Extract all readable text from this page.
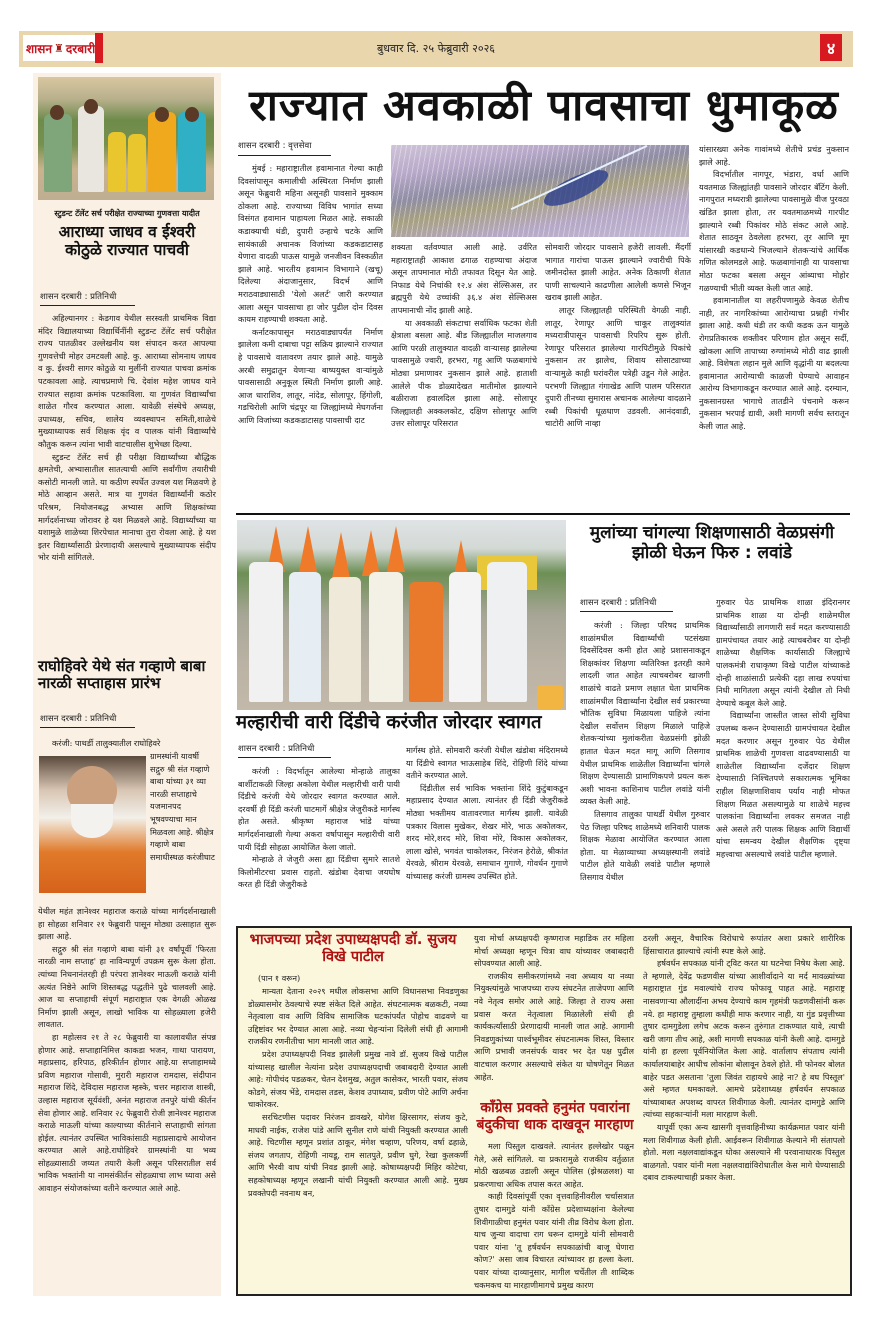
शासन ♜ दरबारी	बुधवार दि. २५ फेब्रुवारी २०२६	४
स्टुडन्ट टॅलेंट सर्च परीक्षेत राज्याच्या गुणवत्ता यादीत
आराध्या जाधव व ईश्वरी कोठुळे राज्यात पाचवी
शासन दरबारी : प्रतिनिधी

अहिल्यानगर : केडगाव येथील सरस्वती प्राथमिक विद्या मंदिर विद्यालयाच्या विद्यार्थिनींनी स्टुडन्ट टॅलेंट सर्च परीक्षेत राज्य पातळीवर उल्लेखनीय यश संपादन करत आपल्या गुणवत्तेची मोहर उमटवली आहे. कु. आराध्या सोमनाथ जाधव व कु. ईश्वरी सागर कोठुळे या मुलींनी राज्यात पाचवा क्रमांक पटकावला आहे. त्याचप्रमाणे चि. देवांश महेश जाधव याने राज्यात सहावा क्रमांक पटकाविला. या गुणवंत विद्यार्थ्यांचा शाळेत गौरव करण्यात आला. यावेळी संस्थेचे अध्यक्ष, उपाध्यक्ष, सचिव, शालेय व्यवस्थापन समिती,शाळेचे मुख्याध्यापक सर्व शिक्षक वृंद व पालक यांनी विद्यार्थ्यांचे कौतुक करून त्यांना भावी वाटचालीस शुभेच्छा दिल्या.

स्टुडन्ट टॅलेंट सर्च ही परीक्षा विद्यार्थ्यांच्या बौद्धिक क्षमतेची, अभ्यासातील सातत्याची आणि सर्वांगीण तयारीची कसोटी मानली जाते. या कठीण स्पर्धेत उज्वल यश मिळवणे हे मोठे आव्हान असते. मात्र या गुणवंत विद्यार्थ्यांनी कठोर परिश्रम, नियोजनबद्ध अभ्यास आणि शिक्षकांच्या मार्गदर्शनाच्या जोरावर हे यश मिळवले आहे. विद्यार्थ्यांच्या या यशामुळे शाळेच्या शिरपेचात मानाचा तुरा रोवला आहे. हे यश इतर विद्यार्थ्यांसाठी प्रेरणादायी असल्याचे मुख्याध्यापक संदीप भोर यांनी सांगितले.

राघोहिवरे येथे संत गव्हाणे बाबा नारळी सप्ताहास प्रारंभ
शासन दरबारी : प्रतिनिधी

करंजी: पाथर्डी तालुक्यातील राघोहिवरे

ग्रामस्थांनी यावर्षी सद्गुरु श्री संत गव्हाणे बाबा यांच्या ३१ व्या नारळी सप्ताहाचे यजमानपद भूषवण्याचा मान मिळवला आहे. श्रीक्षेत्र गव्हाणे बाबा समाधीस्थळ करंजीघाट

येथील महंत ज्ञानेश्वर महाराज कराळे यांच्या मार्गदर्शनाखाली हा सोहळा शनिवार २१ फेब्रुवारी पासून मोठ्या उत्साहात सुरू झाला आहे.

सद्गुरु श्री संत गव्हाणे बाबा यांनी ३१ वर्षांपूर्वी 'फिरता नारळी नाम सप्ताह' हा नाविन्यपूर्ण उपक्रम सुरू केला होता. त्यांच्या निधनानंतरही ही परंपरा ज्ञानेश्वर माऊली कराळे यांनी अत्यंत निष्ठेने आणि शिस्तबद्ध पद्धतीने पुढे चालवली आहे. आज या सप्ताहाची संपूर्ण महाराष्ट्रात एक वेगळी ओळख निर्माण झाली असून, लाखो भाविक या सोहळ्याला हजेरी लावतात.

हा महोत्सव २१ ते २८ फेब्रुवारी या कालावधीत संपन्न होणार आहे. सप्ताहानिमित्त काकडा भजन, गाथा पारायण, महाप्रसाद, हरिपाठ, हरिकीर्तन होणार आहे.या सप्ताहामध्ये प्रविण महाराज गोसावी, मुरारी महाराज रामदास, संदीपान महाराज शिंदे, देविदास महाराज म्हस्के, चत्तर महाराज शास्त्री, उल्हास महाराज सूर्यवंशी, अनंत महाराज तनपुरे यांची कीर्तन सेवा होणार आहे. शनिवार २८ फेब्रुवारी रोजी ज्ञानेश्वर महाराज कराळे माऊली यांच्या काल्याच्या कीर्तनाने सप्ताहाची सांगता होईल. त्यानंतर उपस्थित भाविकांसाठी महाप्रसादाचे आयोजन करण्यात आले आहे.राघोहिवरे ग्रामस्थांनी या भव्य सोहळ्यासाठी जय्यत तयारी केली असून परिसरातील सर्व भाविक भक्तांनी या नामसंकीर्तन सोहळ्याचा लाभ घ्यावा असे आवाहन संयोजकांच्या वतीने करण्यात आले आहे.

राज्यात अवकाळी पावसाचा धुमाकूळ
शासन दरबारी : वृत्तसेवा

मुंबई : महाराष्ट्रातील हवामानात गेल्या काही दिवसांपासून कमालीची अस्थिरता निर्माण झाली असून फेब्रुवारी महिना असूनही पावसाने मुक्काम ठोकला आहे. राज्याच्या विविध भागांत सध्या विसंगत हवामान पाहायला मिळत आहे. सकाळी कडाक्याची थंडी, दुपारी उन्हाचे चटके आणि सायंकाळी अचानक विजांच्या कडकडाटासह येणारा वादळी पाऊस यामुळे जनजीवन विस्कळीत झाले आहे. भारतीय हवामान विभागाने (खचू) दिलेल्या अंदाजानुसार, विदर्भ आणि मराठवाड्यासाठी 'येलो अलर्ट' जारी करण्यात आला असून पावसाचा हा जोर पुढील दोन दिवस कायम राहण्याची शक्यता आहे.

कर्नाटकापासून मराठवाड्यापर्यंत निर्माण झालेला कमी दाबाचा पट्टा सक्रिय झाल्याने राज्यात हे पावसाचे वातावरण तयार झाले आहे. यामुळे अरबी समुद्रातून येणाऱ्या बाष्पयुक्त वाऱ्यांमुळे पावसासाठी अनुकूल स्थिती निर्माण झाली आहे. आज धाराशिव, लातूर, नांदेड, सोलापूर, हिंगोली, गडचिरोली आणि चंद्रपूर या जिल्ह्यांमध्ये मेघगर्जना आणि विजांच्या कडकडाटासह पावसाची दाट

शक्यता वर्तवण्यात आली आहे. उर्वरित महाराष्ट्रातही आकाश ढगाळ राहण्याचा अंदाज असून तापमानात मोठी तफावत दिसून येत आहे. निफाड येथे निचांकी १२.४ अंश सेल्सिअस, तर ब्रह्मपुरी येथे उच्चांकी ३६.४ अंश सेल्सिअस तापमानाची नोंद झाली आहे.

या अवकाळी संकटाचा सर्वाधिक फटका शेती क्षेत्राला बसला आहे. बीड जिल्ह्यातील माजलगाव आणि परळी तालुक्यात वादळी वाऱ्यासह झालेल्या पावसामुळे ज्वारी, हरभरा, गहू आणि फळबागांचे मोठ्या प्रमाणावर नुकसान झाले आहे. हाताशी आलेले पीक डोळ्यादेखत मातीमोल झाल्याने बळीराजा हवालदिल झाला आहे. सोलापूर जिल्ह्यातही अक्कलकोट, दक्षिण सोलापूर आणि उत्तर सोलापूर परिसरात

सोमवारी जोरदार पावसाने हजेरी लावली. मैंदर्गी भागात गारांचा पाऊस झाल्याने ज्वारीची पिके जमीनदोस्त झाली आहेत. अनेक ठिकाणी शेतात पाणी साचल्याने काढणीला आलेली कणसे भिजून खराब झाली आहेत.

लातूर जिल्ह्यातही परिस्थिती वेगळी नाही. लातूर, रेणापूर आणि चाकूर तालुक्यांत मध्यरात्रीपासून पावसाची रिपरिप सुरू होती. रेणापूर परिसरात झालेल्या गारपिटीमुळे पिकांचे नुकसान तर झालेच, शिवाय सोसाट्याच्या वाऱ्यामुळे काही घरांवरील पत्रेही उडून गेले आहेत. परभणी जिल्ह्यात गंगाखेड आणि पालम परिसरात दुपारी तीनच्या सुमारास अचानक आलेल्या वादळाने रब्बी पिकांची धूळधाण उडवली. आनंदवाडी, चाटोरी आणि नाव्हा

यांसारख्या अनेक गावांमध्ये शेतीचे प्रचंड नुकसान झाले आहे.

विदर्भातील नागपूर, भंडारा, वर्धा आणि यवतमाळ जिल्ह्यांतही पावसाने जोरदार बॅटिंग केली. नागपुरात मध्यरात्री झालेल्या पावसामुळे वीज पुरवठा खंडित झाला होता, तर यवतमाळमध्ये गारपीट झाल्याने रब्बी पिकांवर मोठे संकट आले आहे. शेतात साठवून ठेवलेला हरभरा, तूर आणि मूग यांसारखी कडधान्ये भिजल्याने शेतकऱ्यांचे आर्थिक गणित कोलमडले आहे. फळबागांनाही या पावसाचा मोठा फटका बसला असून आंब्याचा मोहोर गळण्याची भीती व्यक्त केली जात आहे.

हवामानातील या लहरीपणामुळे केवळ शेतीच नाही, तर नागरिकांच्या आरोग्याचा प्रश्नही गंभीर झाला आहे. कधी थंडी तर कधी कडक ऊन यामुळे रोगप्रतिकारक शक्तीवर परिणाम होत असून सर्दी, खोकला आणि तापाच्या रुग्णांमध्ये मोठी वाढ झाली आहे. विशेषतः लहान मुले आणि वृद्धांनी या बदलत्या हवामानात आरोग्याची काळजी घेण्याचे आवाहन आरोग्य विभागाकडून करण्यात आले आहे. दरम्यान, नुकसानग्रस्त भागाचे तातडीने पंचनामे करून नुकसान भरपाई द्यावी, अशी मागणी सर्वच स्तरातून केली जात आहे.

मल्हारीची वारी दिंडीचे करंजीत जोरदार स्वागत
शासन दरबारी : प्रतिनिधी

करंजी : विदर्भातून आलेल्या मोन्हाळे तालुका बार्शीटाकळी जिल्हा अकोला येथील मल्हारीची वारी पायी दिंडीचे करंजी येथे जोरदार स्वागत करण्यात आले. दरवर्षी ही दिंडी करंजी घाटमार्गे श्रीक्षेत्र जेजुरीकडे मार्गस्थ होत असते. श्रीकृष्ण महाराज भांडे यांच्या मार्गदर्शनाखाली गेल्या अकरा वर्षापासून मल्हारीची वारी पायी दिंडी सोहळा आयोजित केला जातो.

मोन्हाळे ते जेजुरी असा ह्या दिंडीचा सुमारे सातशे किलोमीटरचा प्रवास राहतो. खंडोबा देवाचा जयघोष करत ही दिंडी जेजुरीकडे

मार्गस्थ होते. सोमवारी करंजी येथील खंडोबा मंदिरामध्ये या दिंडीचे स्वागत भाऊसाहेब शिंदे, रोहिणी शिंदे यांच्या वतीने करण्यात आले.

दिंडीतील सर्व भाविक भक्तांना शिंदे कुटुंबाकडून महाप्रसाद देण्यात आला. त्यानंतर ही दिंडी जेजुरीकडे मोठ्या भक्तीमय वातावरणात मार्गस्थ झाली. यावेळी पत्रकार विलास मुखेकर, शेखर मोरे, भाऊ अकोलकर, शरद मोरे,शरद मोरे, शिवा मोरे, विकास अकोलकर, लाला खोसे, भगवंत चाकोलकर, निरंजन हेरोळे, श्रीकांत येरवळे, श्रीराम येरवळे, समाधान गुगाणे, गोवर्धन गुगाणे यांच्यासह करंजी ग्रामस्थ उपस्थित होते.

मुलांच्या चांगल्या शिक्षणासाठी वेळप्रसंगी झोळी घेऊन फिरु : लवांडे
शासन दरबारी : प्रतिनिधी

करंजी : जिल्हा परिषद प्राथमिक शाळांमधील विद्यार्थ्यांची पटसंख्या दिवसेंदिवस कमी होत आहे प्रशासनाकडून शिक्षकांवर शिक्षणा व्यतिरिक्त इतरही कामे लादली जात आहेत त्याचबरोबर खाजगी शाळांचे वाढते प्रमाण लक्षात घेता प्राथमिक शाळांमधील विद्यार्थ्यांना देखील सर्व प्रकारच्या भौतिक सुविधा मिळायला पाहिजे त्यांना देखील सर्वोत्तम शिक्षण मिळाले पाहिजे शेतकऱ्यांच्या मुलांकरीता वेळप्रसंगी झोळी हातात घेऊन मदत मागू आणि तिसगाव येथील प्राथमिक शाळेतील विद्यार्थ्यांना चांगले शिक्षण देण्यासाठी प्रामाणिकपणे प्रयत्न करू अशी भावना काशिनाथ पाटील लवांडे यांनी व्यक्त केली आहे.

तिसगाव तालुका पाथर्डी येथील गुरुवार पेठ जिल्हा परिषद शाळेमध्ये शनिवारी पालक शिक्षक मेळावा आयोजित करण्यात आला होता. या मेळाव्याच्या अध्यक्षस्थानी लवांडे पाटील होते यावेळी लवांडे पाटील म्हणाले तिसगाव येथील

गुरुवार पेठ प्राथमिक शाळा इंदिरानगर प्राथमिक शाळा या दोन्ही शाळेमधील विद्यार्थ्यांसाठी लागणारी सर्व मदत करण्यासाठी ग्रामपंचायत तयार आहे त्याचबरोबर या दोन्ही शाळेच्या शैक्षणिक कार्यासाठी जिल्ह्याचे पालकमंत्री राधाकृष्ण विखे पाटील यांच्याकडे दोन्ही शाळांसाठी प्रत्येकी दहा लाख रुपयांचा निधी मागितला असून त्यांनी देखील तो निधी देण्याचे कबूल केले आहे.

विद्यार्थ्यांना जास्तीत जास्त सोयी सुविधा उपलब्ध करून देण्यासाठी ग्रामपंचायत देखील मदत करणार असून गुरुवार पेठ येथील प्राथमिक शाळेची गुणवत्ता वाढवण्यासाठी या शाळेतील विद्यार्थ्यांना दर्जेदार शिक्षण देण्यासाठी निश्चितपणे सकारात्मक भूमिका राहील शिक्षणाशिवाय पर्याय नाही मोफत शिक्षण मिळत असल्यामुळे या शाळेचे महत्त्व पालकांना विद्यार्थ्यांना लवकर समजत नाही असे असले तरी पालक शिक्षक आणि विद्यार्थी यांचा समन्वय देखील शैक्षणिक दृष्ट्या महत्त्वाचा असल्याचे लवांडे पाटील म्हणाले.

भाजपच्या प्रदेश उपाध्यक्षपदी डॉ. सुजय विखे पाटील
(पान १ वरून)

मान्यता देताना २०२९ मधील लोकसभा आणि विधानसभा निवडणुका डोळ्यासमोर ठेवल्याचे स्पष्ट संकेत दिले आहेत. संघटनात्मक बळकटी, नव्या नेतृत्वाला वाव आणि विविध सामाजिक घटकांपर्यंत पोहोच वाढवणे या उद्दिष्टांवर भर देण्यात आला आहे. नव्या चेहऱ्यांना दिलेली संधी ही आगामी राजकीय रणनीतीचा भाग मानली जात आहे.

प्रदेश उपाध्यक्षपदी निवड झालेली प्रमुख नावे डॉ. सुजय विखे पाटील यांच्यासह खालील नेत्यांना प्रदेश उपाध्यक्षपदाची जबाबदारी देण्यात आली आहे: गोपीचंद पडळकर, चेतन देशमुख, अतुल कासेकर, भारती पवार, संजय कोडगे, संजय भेंडे, रामदास तडस, केशव उपाध्याय, प्रवीण पोटे आणि अर्चना चाकोरकर.

सरचिटणीस पदावर निरंजन डावखरे, योगेश क्षिरसागर, संजय कुटे, माधवी नाईक, राजेश पांडे आणि सुनील राणे यांची नियुक्ती करण्यात आली आहे. चिटणीस म्हणून प्रशांत ठाकूर, मंगेश चव्हाण, परिणय, वर्षा ढहाळे, संजय जगताप, रोहिणी नायडू, राम सातपुते, प्रवीण घुगे, रेखा कुलकर्णी आणि भैरवी वाघ यांची निवड झाली आहे. कोषाध्यक्षपदी मिहिर कोटेचा, सहकोषाध्यक्ष म्हणून लखानी यांची नियुक्ती करण्यात आली आहे. मुख्य प्रवक्तेपदी नवनाथ बन,

युवा मोर्चा अध्यक्षपदी कृष्णराज महाडिक तर महिला मोर्चा अध्यक्षा म्हणून चित्रा वाघ यांच्यावर जबाबदारी सोपवण्यात आली आहे.

राजकीय समीकरणांमध्ये नवा अध्याय या नव्या नियुक्त्यांमुळे भाजपच्या राज्य संघटनेत ताजेपणा आणि नवे नेतृत्व समोर आले आहे. जिल्हा ते राज्य असा प्रवास करत नेतृत्वाला मिळालेली संधी ही कार्यकर्त्यांसाठी प्रेरणादायी मानली जात आहे. आगामी निवडणुकांच्या पार्श्वभूमीवर संघटनात्मक शिस्त, विस्तार आणि प्रभावी जनसंपर्क यावर भर देत पक्ष पुढील वाटचाल करणार असल्याचे संकेत या घोषणेतून मिळत आहेत.

काँग्रेस प्रवक्ते हनुमंत पवारांना बंदुकीचा धाक दाखवून मारहाण

मला पिस्तुल दाखवले. त्यानंतर हल्लेखोर पळून गेले, असे सांगितले. या प्रकारामुळे राजकीय वर्तुळात मोठी खळबळ उडाली असून पोलिस (झेश्रळलश) या प्रकरणाचा अधिक तपास करत आहेत.

काही दिवसांपूर्वी एका वृत्तवाहिनीवरील चर्चासत्रात तुषार दामगुडे यांनी काँग्रेस प्रदेशाध्यक्षांना केलेल्या शिवीगाळीचा हनुमंत पवार यांनी तीव्र विरोध केला होता. याच जुन्या वादाचा राग धरून दामगुडे यांनी सोमवारी पवार यांना 'तू हर्षवर्धन सपकाळांची बाजू घेणारा कोण?' असा जाब विचारत त्यांच्यावर हा हल्ला केला. पवार यांच्या दाव्यानुसार, मागील चर्चेतील ती शाब्दिक चकमकच या मारहाणीमागचे प्रमुख कारण

ठरली असून, वैचारिक विरोधाचे रूपांतर अशा प्रकारे शारीरिक हिंसाचारात झाल्याचे त्यांनी स्पष्ट केले आहे.

हर्षवर्धन सपकाळ यांनी ट्विट करत या घटनेचा निषेध केला आहे. ते म्हणाले, देवेंद्र फडणवीस यांच्या आशीर्वादाने या मर्द मावळ्यांच्या महाराष्ट्रात गुंड मवाल्यांचे राज्य फोफावू पाहत आहे. महाराष्ट्र नासवणाऱ्या औलादींना अभय देण्याचे काम गृहमंत्री फडणवीसांनी करू नये. हा महाराष्ट्र तुम्हाला कधीही माफ करणार नाही, या गुंड प्रवृत्तीच्या तुषार दामगुडेला लगेच अटक करून तुरुंगात टाकण्यात यावे, त्याची खरी जागा तीच आहे, अशी मागणी सपकाळ यांनी केली आहे. दामगुडे यांनी हा हल्ला पूर्वनियोजित केला आहे. वार्तालाप संपताच त्यांनी कार्यालयाबाहेर आधीच लोकांना बोलावून ठेवले होते. मी फोनवर बोलत बाहेर पडत असताना 'तुला जिवंत राहायचे आहे ना? हे बघ पिस्तूल' असे म्हणत धमकावले. आमचे प्रदेशाध्यक्ष हर्षवर्धन सपकाळ यांच्याबाबत अपशब्द वापरत शिवीगाळ केली. त्यानंतर दामगुडे आणि त्यांच्या सहकाऱ्यांनी मला मारहाण केली.

यापूर्वी एका अन्य खासगी वृत्तवाहिनीच्या कार्यक्रमात पवार यांनी मला शिवीगाळ केली होती. आईवरून शिवीगाळ केल्याने मी संतापलो होतो. मला नक्षलवाद्यांकडून धोका असल्याने मी परवानाधारक पिस्तुल बाळगतो. पवार यांनी मला नक्षलवाद्यांविरोधातील केस मागे घेण्यासाठी दबाव टाकल्याचाही प्रकार केला.
